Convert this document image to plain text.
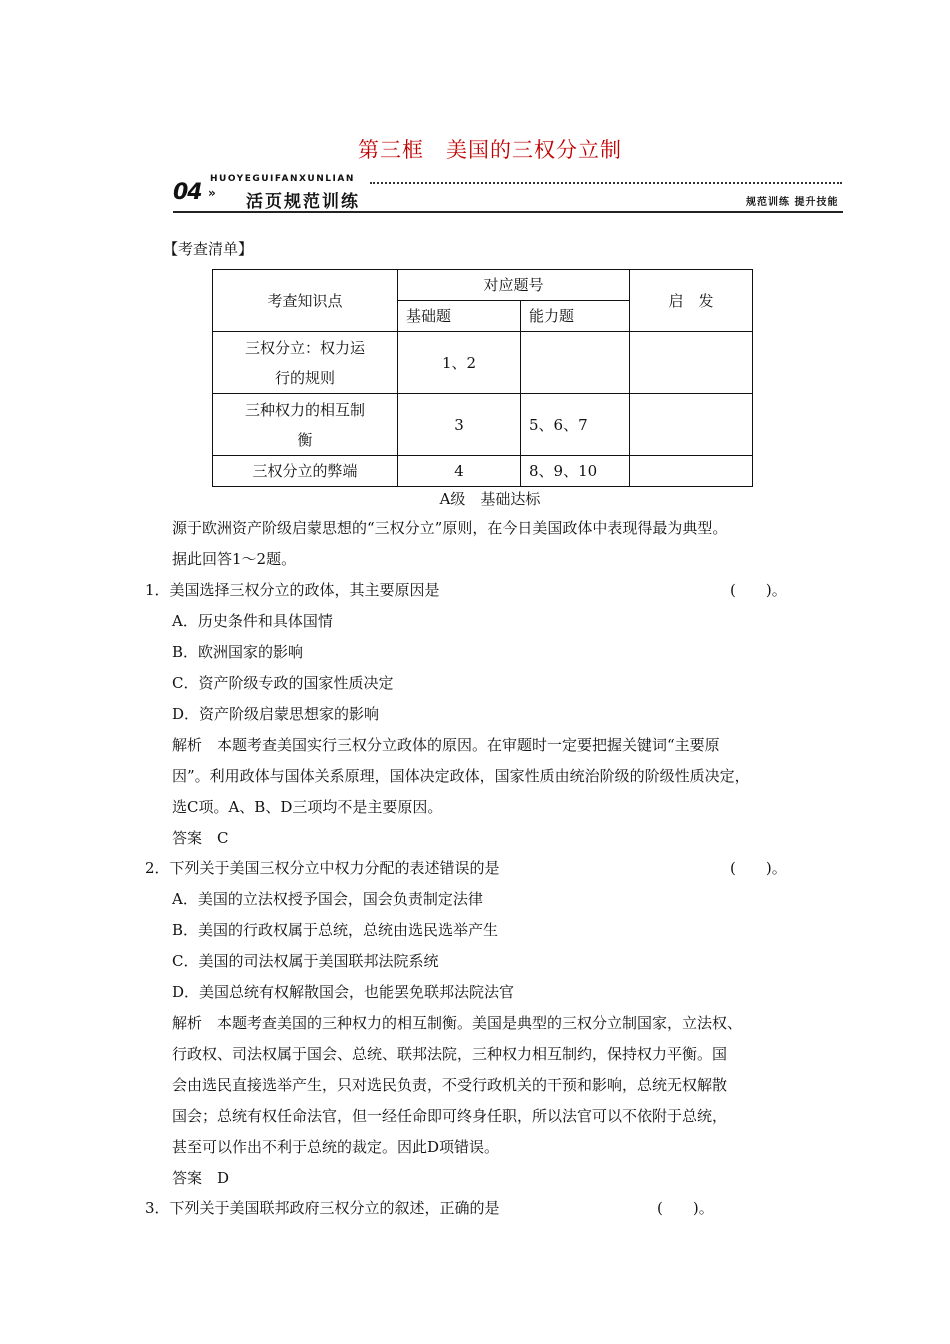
第三框　美国的三权分立制
HUOYEGUIFANXUNLIAN
04 » 活页规范训练	规范训练 提升技能
【考查清单】
考查知识点	对应题号		启　发
	基础题	能力题	

三权分立：权力运
行的规则	1、2		

三种权力的相互制
衡	3	5、6、7	
三权分立的弊端	4	8、9、10	
A级　基础达标
源于欧洲资产阶级启蒙思想的“三权分立”原则，在今日美国政体中表现得最为典型。
据此回答1～2题。
1．美国选择三权分立的政体，其主要原因是	(　　)。
A．历史条件和具体国情
B．欧洲国家的影响
C．资产阶级专政的国家性质决定
D．资产阶级启蒙思想家的影响
解析　本题考查美国实行三权分立政体的原因。在审题时一定要把握关键词“主要原
因”。利用政体与国体关系原理，国体决定政体，国家性质由统治阶级的阶级性质决定，
选C项。A、B、D三项均不是主要原因。
答案　C
2．下列关于美国三权分立中权力分配的表述错误的是	(　　)。
A．美国的立法权授予国会，国会负责制定法律
B．美国的行政权属于总统，总统由选民选举产生
C．美国的司法权属于美国联邦法院系统
D．美国总统有权解散国会，也能罢免联邦法院法官
解析　本题考查美国的三种权力的相互制衡。美国是典型的三权分立制国家，立法权、
行政权、司法权属于国会、总统、联邦法院，三种权力相互制约，保持权力平衡。国
会由选民直接选举产生，只对选民负责，不受行政机关的干预和影响，总统无权解散
国会；总统有权任命法官，但一经任命即可终身任职，所以法官可以不依附于总统，
甚至可以作出不利于总统的裁定。因此D项错误。
答案　D
3．下列关于美国联邦政府三权分立的叙述，正确的是	(　　)。
